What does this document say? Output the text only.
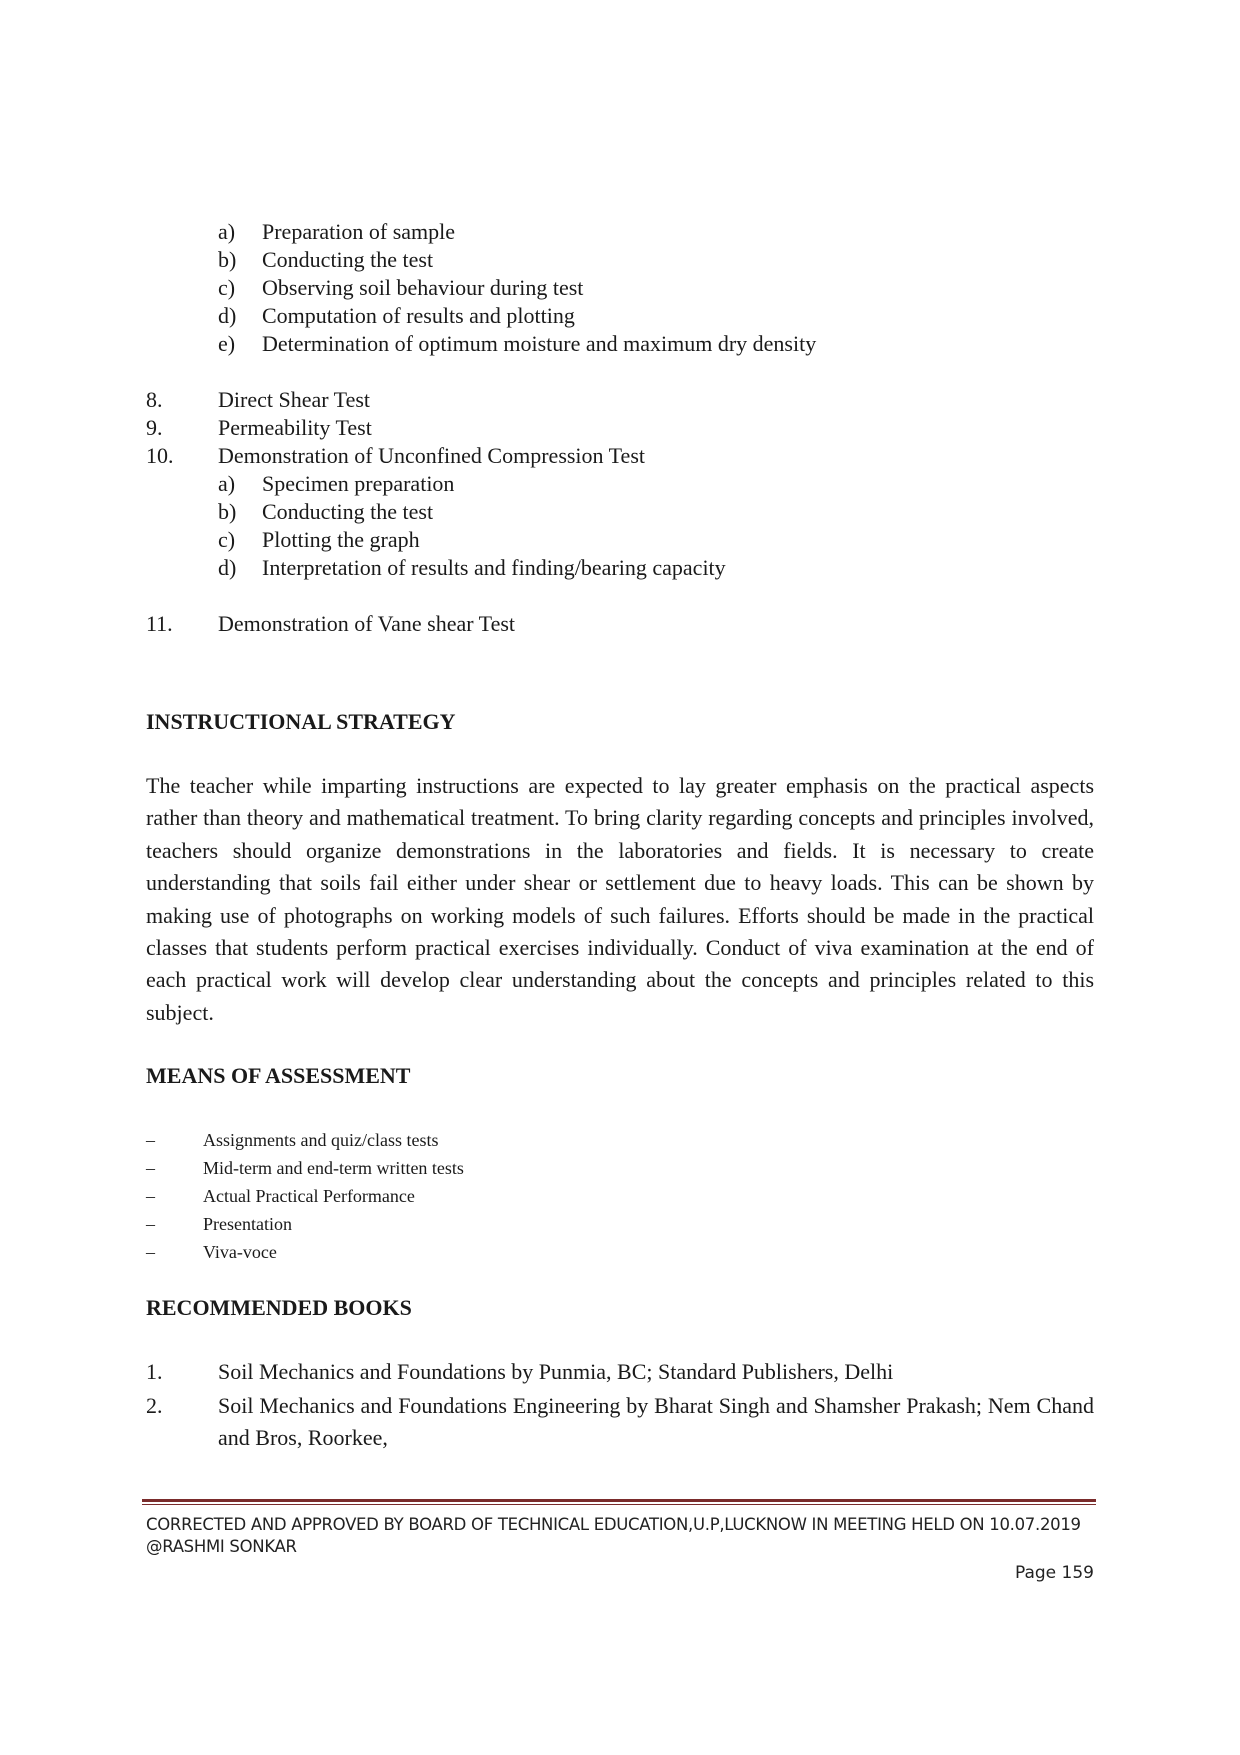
a) Preparation of sample
b) Conducting the test
c) Observing soil behaviour during test
d) Computation of results and plotting
e) Determination of optimum moisture and maximum dry density
8.	Direct Shear Test
9.	Permeability Test
10. Demonstration of Unconfined Compression Test
a) Specimen preparation
b) Conducting the test
c) Plotting the graph
d) Interpretation of results and finding/bearing capacity
11. Demonstration of Vane shear Test
INSTRUCTIONAL STRATEGY
The teacher while imparting instructions are expected to lay greater emphasis on the practical aspects rather than theory and mathematical treatment. To bring clarity regarding concepts and principles involved, teachers should organize demonstrations in the laboratories and fields. It is necessary to create understanding that soils fail either under shear or settlement due to heavy loads. This can be shown by making use of photographs on working models of such failures. Efforts should be made in the practical classes that students perform practical exercises individually. Conduct of viva examination at the end of each practical work will develop clear understanding about the concepts and principles related to this subject.
MEANS OF ASSESSMENT
–	Assignments and quiz/class tests
–	Mid-term and end-term written tests
–	Actual Practical Performance
–	Presentation
–	Viva-voce
RECOMMENDED BOOKS
1.	Soil Mechanics and Foundations by Punmia, BC; Standard Publishers, Delhi
2.	Soil Mechanics and Foundations Engineering by Bharat Singh and Shamsher Prakash; Nem Chand and Bros, Roorkee,
CORRECTED AND APPROVED BY BOARD OF TECHNICAL EDUCATION,U.P,LUCKNOW IN MEETING HELD ON 10.07.2019 @RASHMI SONKAR
Page 159
